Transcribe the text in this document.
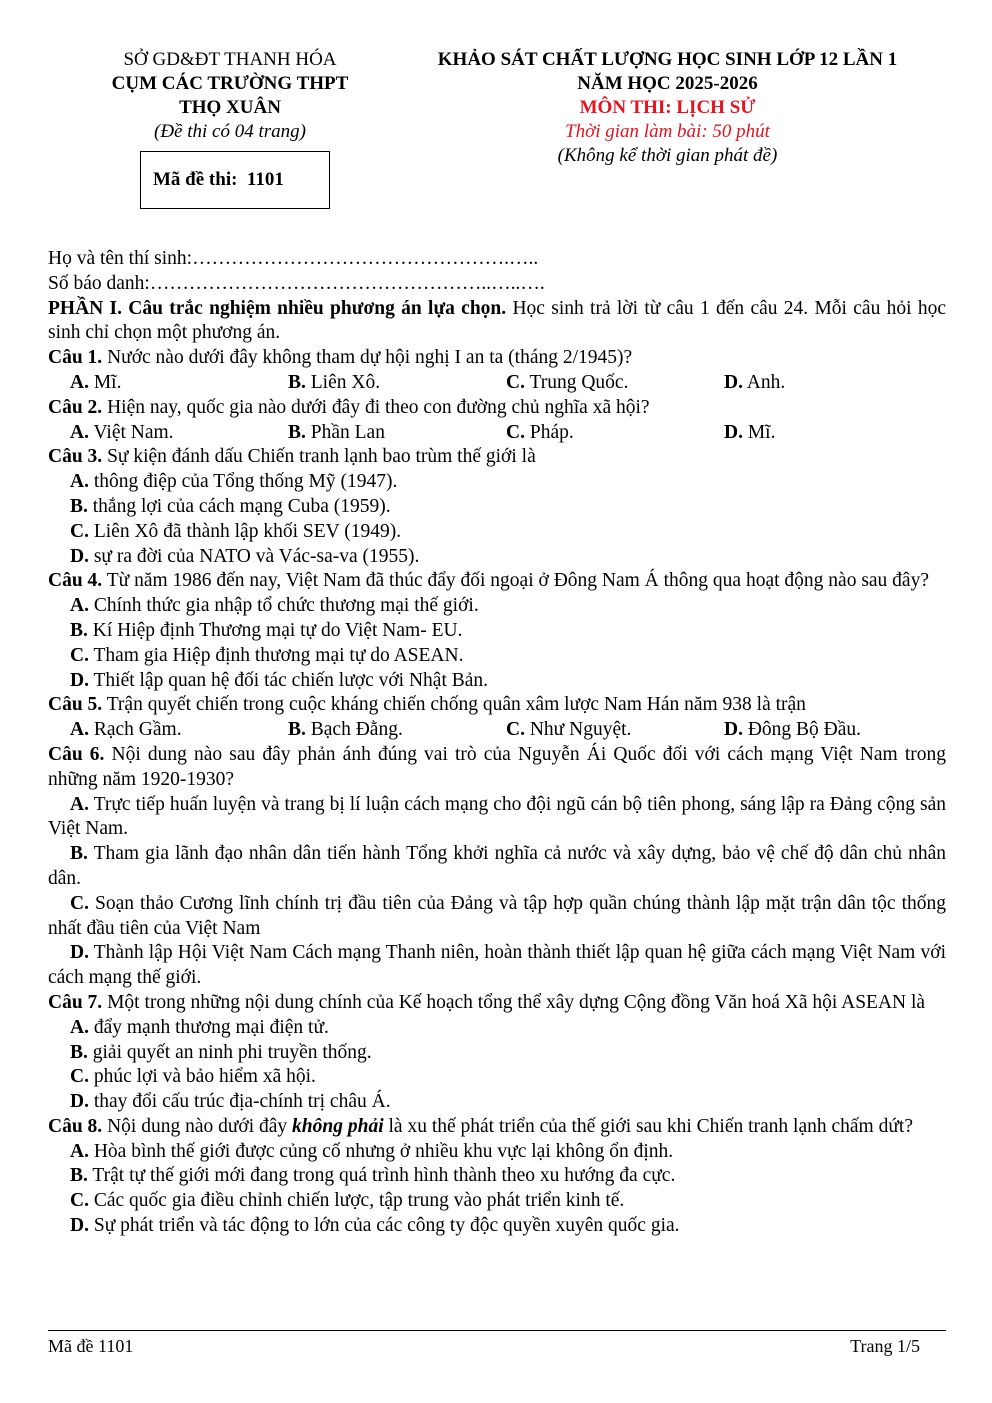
SỞ GD&ĐT THANH HÓA
CỤM CÁC TRƯỜNG THPT
THỌ XUÂN
(Đề thi có 04 trang)
KHẢO SÁT CHẤT LƯỢNG HỌC SINH LỚP 12 LẦN 1
NĂM HỌC 2025-2026
MÔN THI: LỊCH SỬ
Thời gian làm bài: 50 phút
(Không kể thời gian phát đề)
Mã đề thi:  1101
Họ và tên thí sinh:………………………………………….…..
Số báo danh:……………………………………………..…..….
PHẦN I. Câu trắc nghiệm nhiều phương án lựa chọn. Học sinh trả lời từ câu 1 đến câu 24. Mỗi câu hỏi học sinh chỉ chọn một phương án.
Câu 1. Nước nào dưới đây không tham dự hội nghị I an ta (tháng 2/1945)?
A. Mĩ.	B. Liên Xô.	C. Trung Quốc.	D. Anh.
Câu 2. Hiện nay, quốc gia nào dưới đây đi theo con đường chủ nghĩa xã hội?
A. Việt Nam.	B. Phần Lan	C. Pháp.	D. Mĩ.
Câu 3. Sự kiện đánh dấu Chiến tranh lạnh bao trùm thế giới là
A. thông điệp của Tổng thống Mỹ (1947).
B. thắng lợi của cách mạng Cuba (1959).
C. Liên Xô đã thành lập khối SEV (1949).
D. sự ra đời của NATO và Vác-sa-va (1955).
Câu 4. Từ năm 1986 đến nay, Việt Nam đã thúc đẩy đối ngoại ở Đông Nam Á thông qua hoạt động nào sau đây?
A. Chính thức gia nhập tổ chức thương mại thế giới.
B. Kí Hiệp định Thương mại tự do Việt Nam- EU.
C. Tham gia Hiệp định thương mại tự do ASEAN.
D. Thiết lập quan hệ đối tác chiến lược với Nhật Bản.
Câu 5. Trận quyết chiến trong cuộc kháng chiến chống quân xâm lược Nam Hán năm 938 là trận
A. Rạch Gầm.	B. Bạch Đằng.	C. Như Nguyệt.	D. Đông Bộ Đầu.
Câu 6. Nội dung nào sau đây phản ánh đúng vai trò của Nguyễn Ái Quốc đối với cách mạng Việt Nam trong những năm 1920-1930?
A. Trực tiếp huấn luyện và trang bị lí luận cách mạng cho đội ngũ cán bộ tiên phong, sáng lập ra Đảng cộng sản Việt Nam.
B. Tham gia lãnh đạo nhân dân tiến hành Tổng khởi nghĩa cả nước và xây dựng, bảo vệ chế độ dân chủ nhân dân.
C. Soạn thảo Cương lĩnh chính trị đầu tiên của Đảng và tập hợp quần chúng thành lập mặt trận dân tộc thống nhất đầu tiên của Việt Nam
D. Thành lập Hội Việt Nam Cách mạng Thanh niên, hoàn thành thiết lập quan hệ giữa cách mạng Việt Nam với cách mạng thế giới.
Câu 7. Một trong những nội dung chính của Kế hoạch tổng thể xây dựng Cộng đồng Văn hoá Xã hội ASEAN là
A. đẩy mạnh thương mại điện tử.
B. giải quyết an ninh phi truyền thống.
C. phúc lợi và bảo hiểm xã hội.
D. thay đổi cấu trúc địa-chính trị châu Á.
Câu 8. Nội dung nào dưới đây không phải là xu thế phát triển của thế giới sau khi Chiến tranh lạnh chấm dứt?
A. Hòa bình thế giới được củng cố nhưng ở nhiều khu vực lại không ổn định.
B. Trật tự thế giới mới đang trong quá trình hình thành theo xu hướng đa cực.
C. Các quốc gia điều chỉnh chiến lược, tập trung vào phát triển kinh tế.
D. Sự phát triển và tác động to lớn của các công ty độc quyền xuyên quốc gia.
Mã đề 1101	Trang 1/5
